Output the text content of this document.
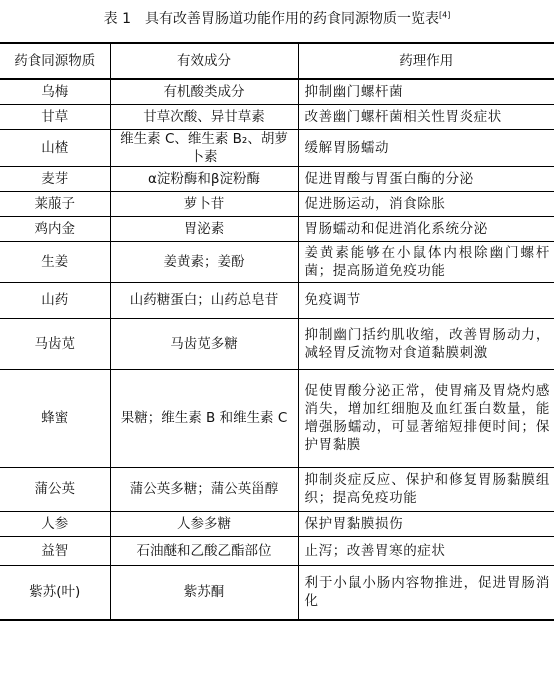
表 1 具有改善胃肠道功能作用的药食同源物质一览表[4]
药食同源物质	有效成分	药理作用
乌梅	有机酸类成分	抑制幽门螺杆菌
甘草	甘草次酸、异甘草素	改善幽门螺杆菌相关性胃炎症状
山楂	维生素 C、维生素 B₂、胡萝卜素	缓解胃肠蠕动
麦芽	α淀粉酶和β淀粉酶	促进胃酸与胃蛋白酶的分泌
莱菔子	萝卜苷	促进肠运动，消食除胀
鸡内金	胃泌素	胃肠蠕动和促进消化系统分泌
生姜	姜黄素；姜酚	姜黄素能够在小鼠体内根除幽门螺杆菌；提高肠道免疫功能
山药	山药糖蛋白；山药总皂苷	免疫调节
马齿苋	马齿苋多糖	抑制幽门括约肌收缩，改善胃肠动力，减轻胃反流物对食道黏膜刺激
蜂蜜	果糖；维生素 B 和维生素 C	促使胃酸分泌正常，使胃痛及胃烧灼感消失，增加红细胞及血红蛋白数量，能增强肠蠕动，可显著缩短排便时间；保护胃黏膜
蒲公英	蒲公英多糖；蒲公英甾醇	抑制炎症反应、保护和修复胃肠黏膜组织；提高免疫功能
人参	人参多糖	保护胃黏膜损伤
益智	石油醚和乙酸乙酯部位	止泻；改善胃寒的症状
紫苏(叶)	紫苏酮	利于小鼠小肠内容物推进，促进胃肠消化
